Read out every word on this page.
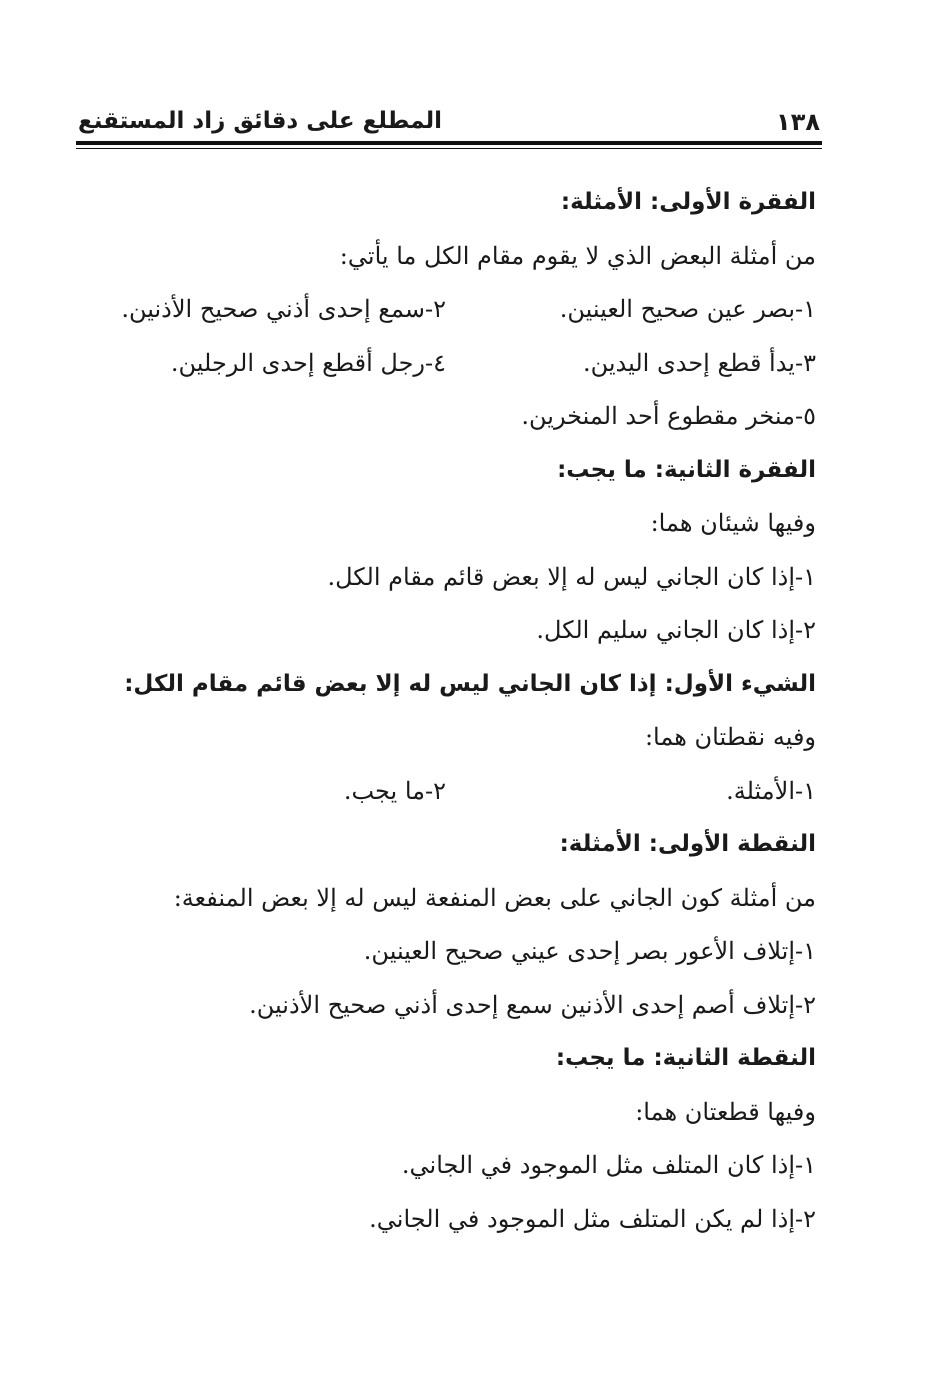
١٣٨
المطلع على دقائق زاد المستقنع
الفقرة الأولى: الأمثلة:
من أمثلة البعض الذي لا يقوم مقام الكل ما يأتي:
١-بصر عين صحيح العينين.
٢-سمع إحدى أذني صحيح الأذنين.
٣-يدأ قطع إحدى اليدين.
٤-رجل أقطع إحدى الرجلين.
٥-منخر مقطوع أحد المنخرين.
الفقرة الثانية: ما يجب:
وفيها شيئان هما:
١-إذا كان الجاني ليس له إلا بعض قائم مقام الكل.
٢-إذا كان الجاني سليم الكل.
الشيء الأول: إذا كان الجاني ليس له إلا بعض قائم مقام الكل:
وفيه نقطتان هما:
١-الأمثلة.
٢-ما يجب.
النقطة الأولى: الأمثلة:
من أمثلة كون الجاني على بعض المنفعة ليس له إلا بعض المنفعة:
١-إتلاف الأعور بصر إحدى عيني صحيح العينين.
٢-إتلاف أصم إحدى الأذنين سمع إحدى أذني صحيح الأذنين.
النقطة الثانية: ما يجب:
وفيها قطعتان هما:
١-إذا كان المتلف مثل الموجود في الجاني.
٢-إذا لم يكن المتلف مثل الموجود في الجاني.
